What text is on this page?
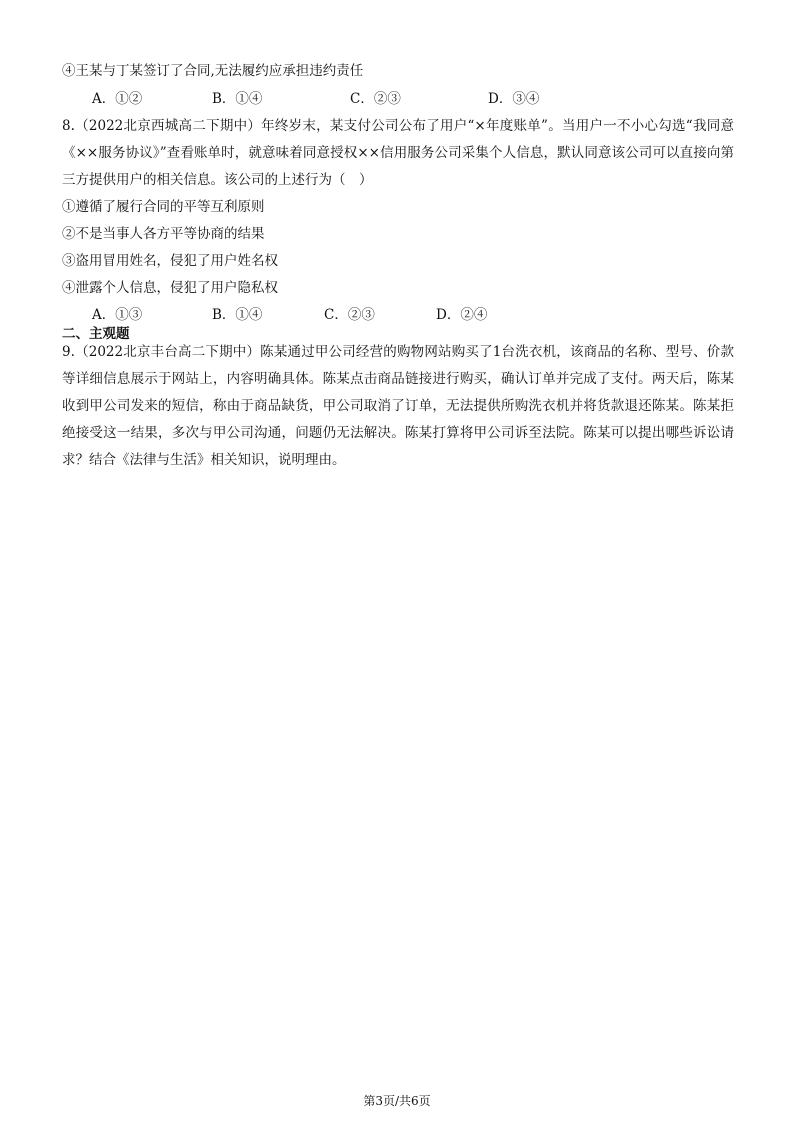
④王某与丁某签订了合同,无法履约应承担违约责任
A．①②	B．①④	C．②③	D．③④
8.（2022北京西城高二下期中）年终岁末，某支付公司公布了用户“×年度账单”。当用户一不小心勾选“我同意《××服务协议》”查看账单时，就意味着同意授权××信用服务公司采集个人信息，默认同意该公司可以直接向第三方提供用户的相关信息。该公司的上述行为（　）
①遵循了履行合同的平等互利原则
②不是当事人各方平等协商的结果
③盗用冒用姓名，侵犯了用户姓名权
④泄露个人信息，侵犯了用户隐私权
A．①③	B．①④	C．②③	D．②④
二、主观题
9.（2022北京丰台高二下期中）陈某通过甲公司经营的购物网站购买了1台洗衣机，该商品的名称、型号、价款等详细信息展示于网站上，内容明确具体。陈某点击商品链接进行购买，确认订单并完成了支付。两天后，陈某收到甲公司发来的短信，称由于商品缺货，甲公司取消了订单，无法提供所购洗衣机并将货款退还陈某。陈某拒绝接受这一结果，多次与甲公司沟通，问题仍无法解决。陈某打算将甲公司诉至法院。陈某可以提出哪些诉讼请求？结合《法律与生活》相关知识，说明理由。
第3页/共6页
